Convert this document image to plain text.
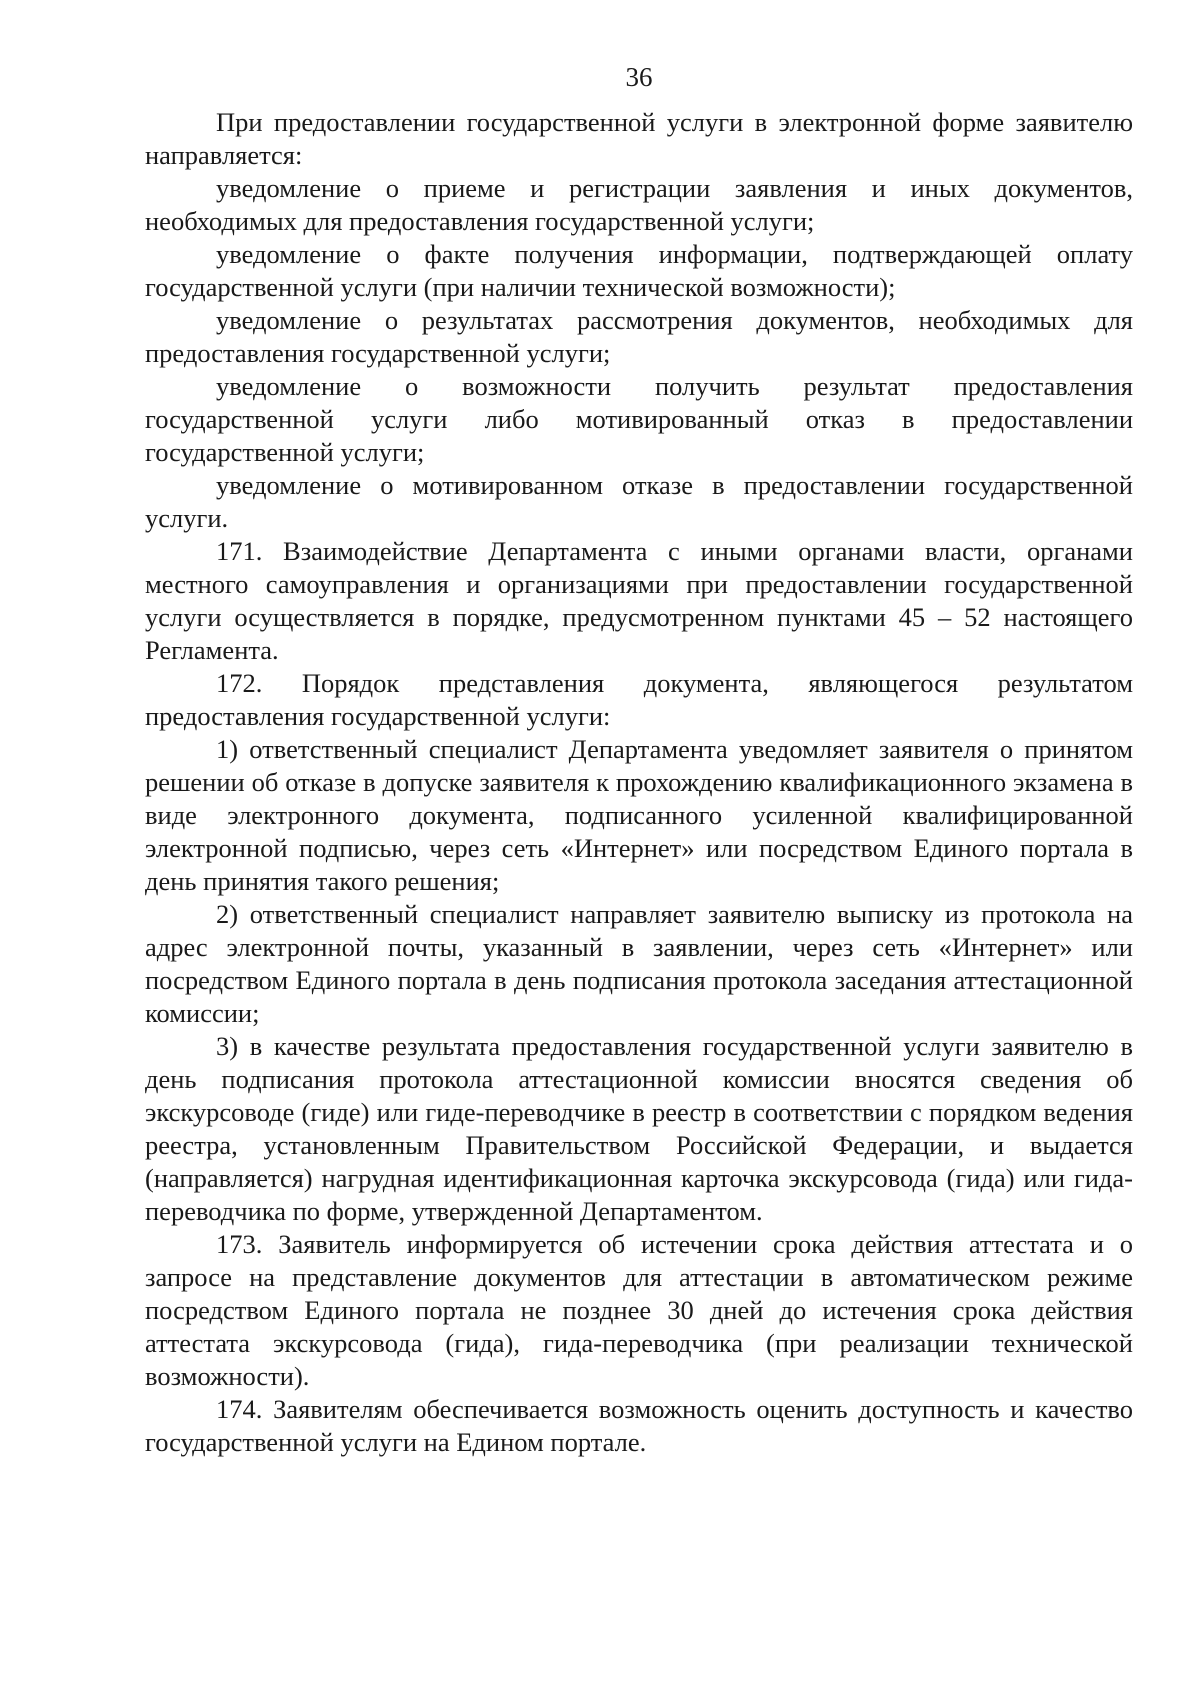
36

При предоставлении государственной услуги в электронной форме заявителю направляется:

уведомление о приеме и регистрации заявления и иных документов, необходимых для предоставления государственной услуги;

уведомление о факте получения информации, подтверждающей оплату государственной услуги (при наличии технической возможности);

уведомление о результатах рассмотрения документов, необходимых для предоставления государственной услуги;

уведомление о возможности получить результат предоставления государственной услуги либо мотивированный отказ в предоставлении государственной услуги;

уведомление о мотивированном отказе в предоставлении государственной услуги.

171. Взаимодействие Департамента с иными органами власти, органами местного самоуправления и организациями при предоставлении государственной услуги осуществляется в порядке, предусмотренном пунктами 45 – 52 настоящего Регламента.

172. Порядок представления документа, являющегося результатом предоставления государственной услуги:

1) ответственный специалист Департамента уведомляет заявителя о принятом решении об отказе в допуске заявителя к прохождению квалификационного экзамена в виде электронного документа, подписанного усиленной квалифицированной электронной подписью, через сеть «Интернет» или посредством Единого портала в день принятия такого решения;

2) ответственный специалист направляет заявителю выписку из протокола на адрес электронной почты, указанный в заявлении, через сеть «Интернет» или посредством Единого портала в день подписания протокола заседания аттестационной комиссии;

3) в качестве результата предоставления государственной услуги заявителю в день подписания протокола аттестационной комиссии вносятся сведения об экскурсоводе (гиде) или гиде-переводчике в реестр в соответствии с порядком ведения реестра, установленным Правительством Российской Федерации, и выдается (направляется) нагрудная идентификационная карточка экскурсовода (гида) или гида-переводчика по форме, утвержденной Департаментом.

173. Заявитель информируется об истечении срока действия аттестата и о запросе на представление документов для аттестации в автоматическом режиме посредством Единого портала не позднее 30 дней до истечения срока действия аттестата экскурсовода (гида), гида-переводчика (при реализации технической возможности).

174. Заявителям обеспечивается возможность оценить доступность и качество государственной услуги на Едином портале.
